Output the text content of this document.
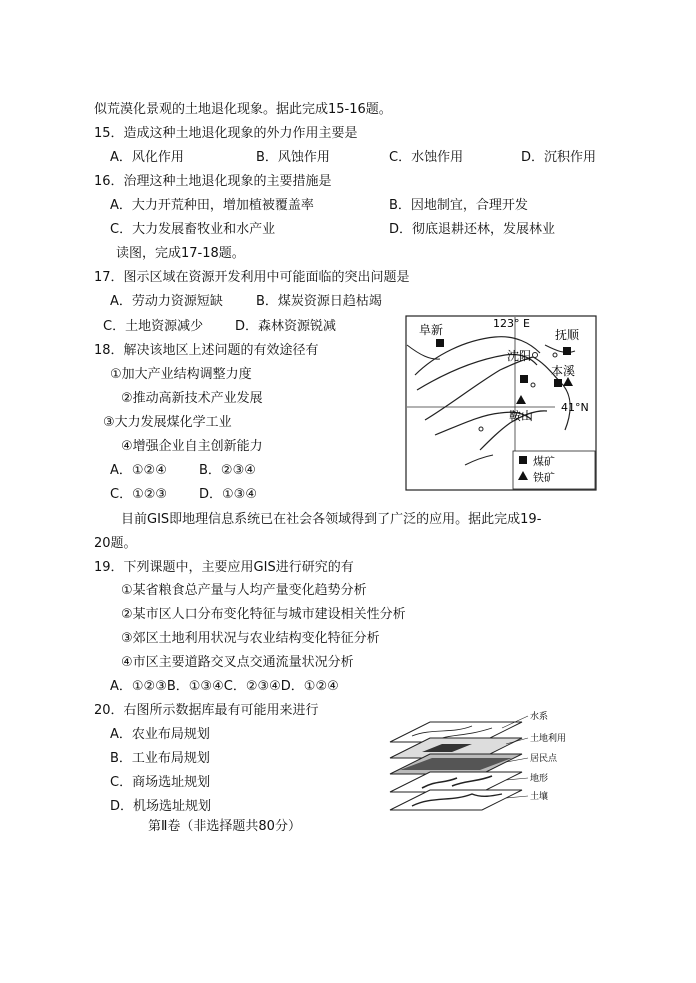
似荒漠化景观的土地退化现象。据此完成15-16题。
15．造成这种土地退化现象的外力作用主要是
A．风化作用	B．风蚀作用	C．水蚀作用	D．沉积作用
16．治理这种土地退化现象的主要措施是
A．大力开荒种田，增加植被覆盖率	B．因地制宜，合理开发
C．大力发展畜牧业和水产业	D．彻底退耕还林，发展林业
读图，完成17-18题。
17．图示区域在资源开发利用中可能面临的突出问题是
A．劳动力资源短缺	B．煤炭资源日趋枯竭
C．土地资源减少 D．森林资源锐减
18．解决该地区上述问题的有效途径有
①加大产业结构调整力度
②推动高新技术产业发展
③大力发展煤化学工业
④增强企业自主创新能力
A．①②④ B．②③④
C．①②③ D．①③④
阜新	抚顺
沈阳
本溪
鞍山
123° E
41°N
煤矿
铁矿
目前GIS即地理信息系统已在社会各领域得到了广泛的应用。据此完成19-
20题。
19．下列课题中，主要应用GIS进行研究的有
①某省粮食总产量与人均产量变化趋势分析
②某市区人口分布变化特征与城市建设相关性分析
③郊区土地利用状况与农业结构变化特征分析
④市区主要道路交叉点交通流量状况分析
A．①②③B．①③④C．②③④D．①②④
20．右图所示数据库最有可能用来进行
A．农业布局规划
B．工业布局规划
C．商场选址规划
D．机场选址规划
第Ⅱ卷（非选择题共80分）
水系
土地利用
居民点
地形
土壤
